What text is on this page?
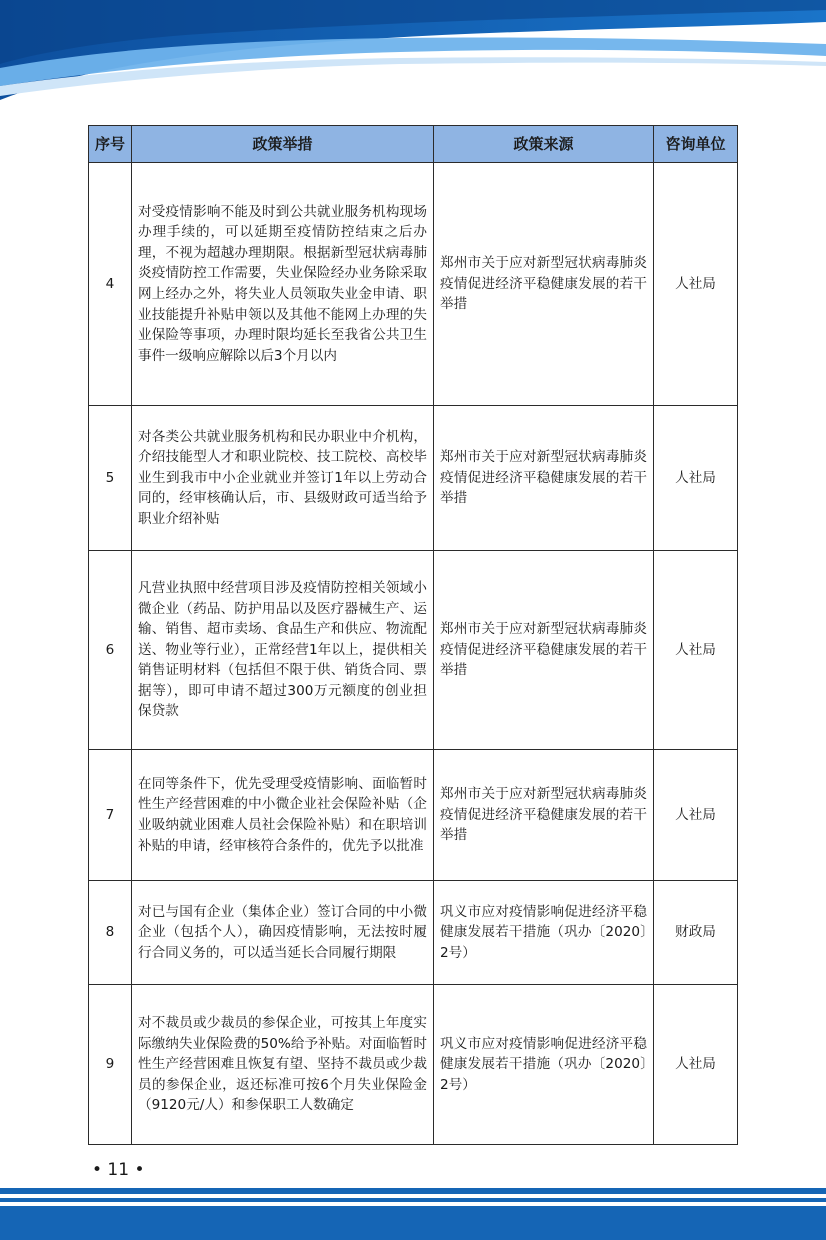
序号	政策举措	政策来源	咨询单位
4	对受疫情影响不能及时到公共就业服务机构现场办理手续的，可以延期至疫情防控结束之后办理，不视为超越办理期限。根据新型冠状病毒肺炎疫情防控工作需要，失业保险经办业务除采取网上经办之外，将失业人员领取失业金申请、职业技能提升补贴申领以及其他不能网上办理的失业保险等事项，办理时限均延长至我省公共卫生事件一级响应解除以后3个月以内	郑州市关于应对新型冠状病毒肺炎疫情促进经济平稳健康发展的若干举措	人社局
5	对各类公共就业服务机构和民办职业中介机构，介绍技能型人才和职业院校、技工院校、高校毕业生到我市中小企业就业并签订1年以上劳动合同的，经审核确认后，市、县级财政可适当给予职业介绍补贴	郑州市关于应对新型冠状病毒肺炎疫情促进经济平稳健康发展的若干举措	人社局
6	凡营业执照中经营项目涉及疫情防控相关领域小微企业（药品、防护用品以及医疗器械生产、运输、销售、超市卖场、食品生产和供应、物流配送、物业等行业），正常经营1年以上，提供相关销售证明材料（包括但不限于供、销货合同、票据等），即可申请不超过300万元额度的创业担保贷款	郑州市关于应对新型冠状病毒肺炎疫情促进经济平稳健康发展的若干举措	人社局
7	在同等条件下，优先受理受疫情影响、面临暂时性生产经营困难的中小微企业社会保险补贴（企业吸纳就业困难人员社会保险补贴）和在职培训补贴的申请，经审核符合条件的，优先予以批准	郑州市关于应对新型冠状病毒肺炎疫情促进经济平稳健康发展的若干举措	人社局
8	对已与国有企业（集体企业）签订合同的中小微企业（包括个人），确因疫情影响，无法按时履行合同义务的，可以适当延长合同履行期限	巩义市应对疫情影响促进经济平稳健康发展若干措施（巩办〔2020〕2号）	财政局
9	对不裁员或少裁员的参保企业，可按其上年度实际缴纳失业保险费的50%给予补贴。对面临暂时性生产经营困难且恢复有望、坚持不裁员或少裁员的参保企业，返还标准可按6个月失业保险金（9120元/人）和参保职工人数确定	巩义市应对疫情影响促进经济平稳健康发展若干措施（巩办〔2020〕2号）	人社局
• 11 •
